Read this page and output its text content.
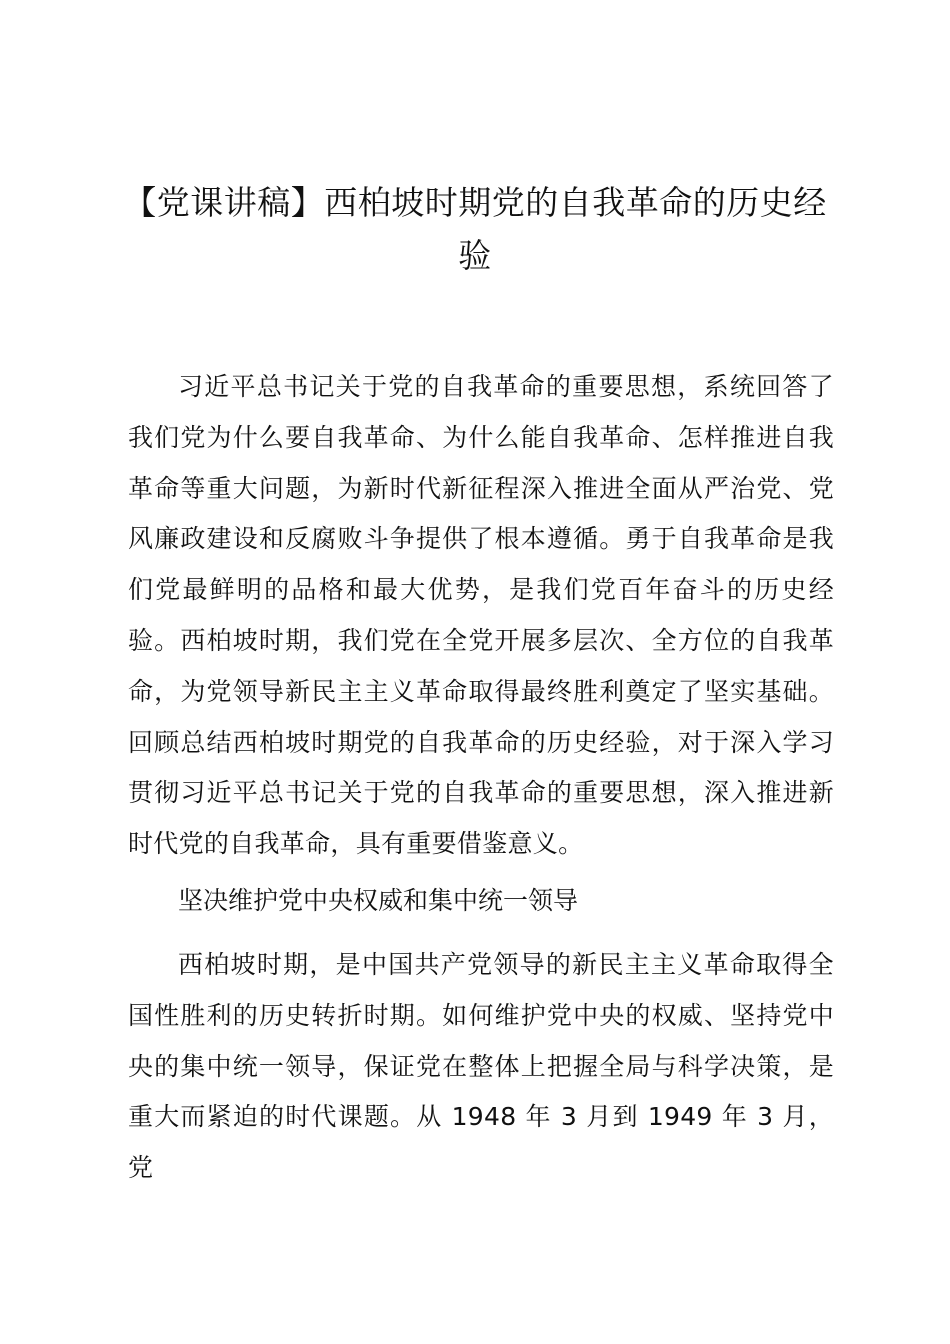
【党课讲稿】西柏坡时期党的自我革命的历史经验

习近平总书记关于党的自我革命的重要思想，系统回答了我们党为什么要自我革命、为什么能自我革命、怎样推进自我革命等重大问题，为新时代新征程深入推进全面从严治党、党风廉政建设和反腐败斗争提供了根本遵循。勇于自我革命是我们党最鲜明的品格和最大优势，是我们党百年奋斗的历史经验。西柏坡时期，我们党在全党开展多层次、全方位的自我革命，为党领导新民主主义革命取得最终胜利奠定了坚实基础。回顾总结西柏坡时期党的自我革命的历史经验，对于深入学习贯彻习近平总书记关于党的自我革命的重要思想，深入推进新时代党的自我革命，具有重要借鉴意义。

坚决维护党中央权威和集中统一领导

西柏坡时期，是中国共产党领导的新民主主义革命取得全国性胜利的历史转折时期。如何维护党中央的权威、坚持党中央的集中统一领导，保证党在整体上把握全局与科学决策，是重大而紧迫的时代课题。从 1948 年 3 月到 1949 年 3 月，党
